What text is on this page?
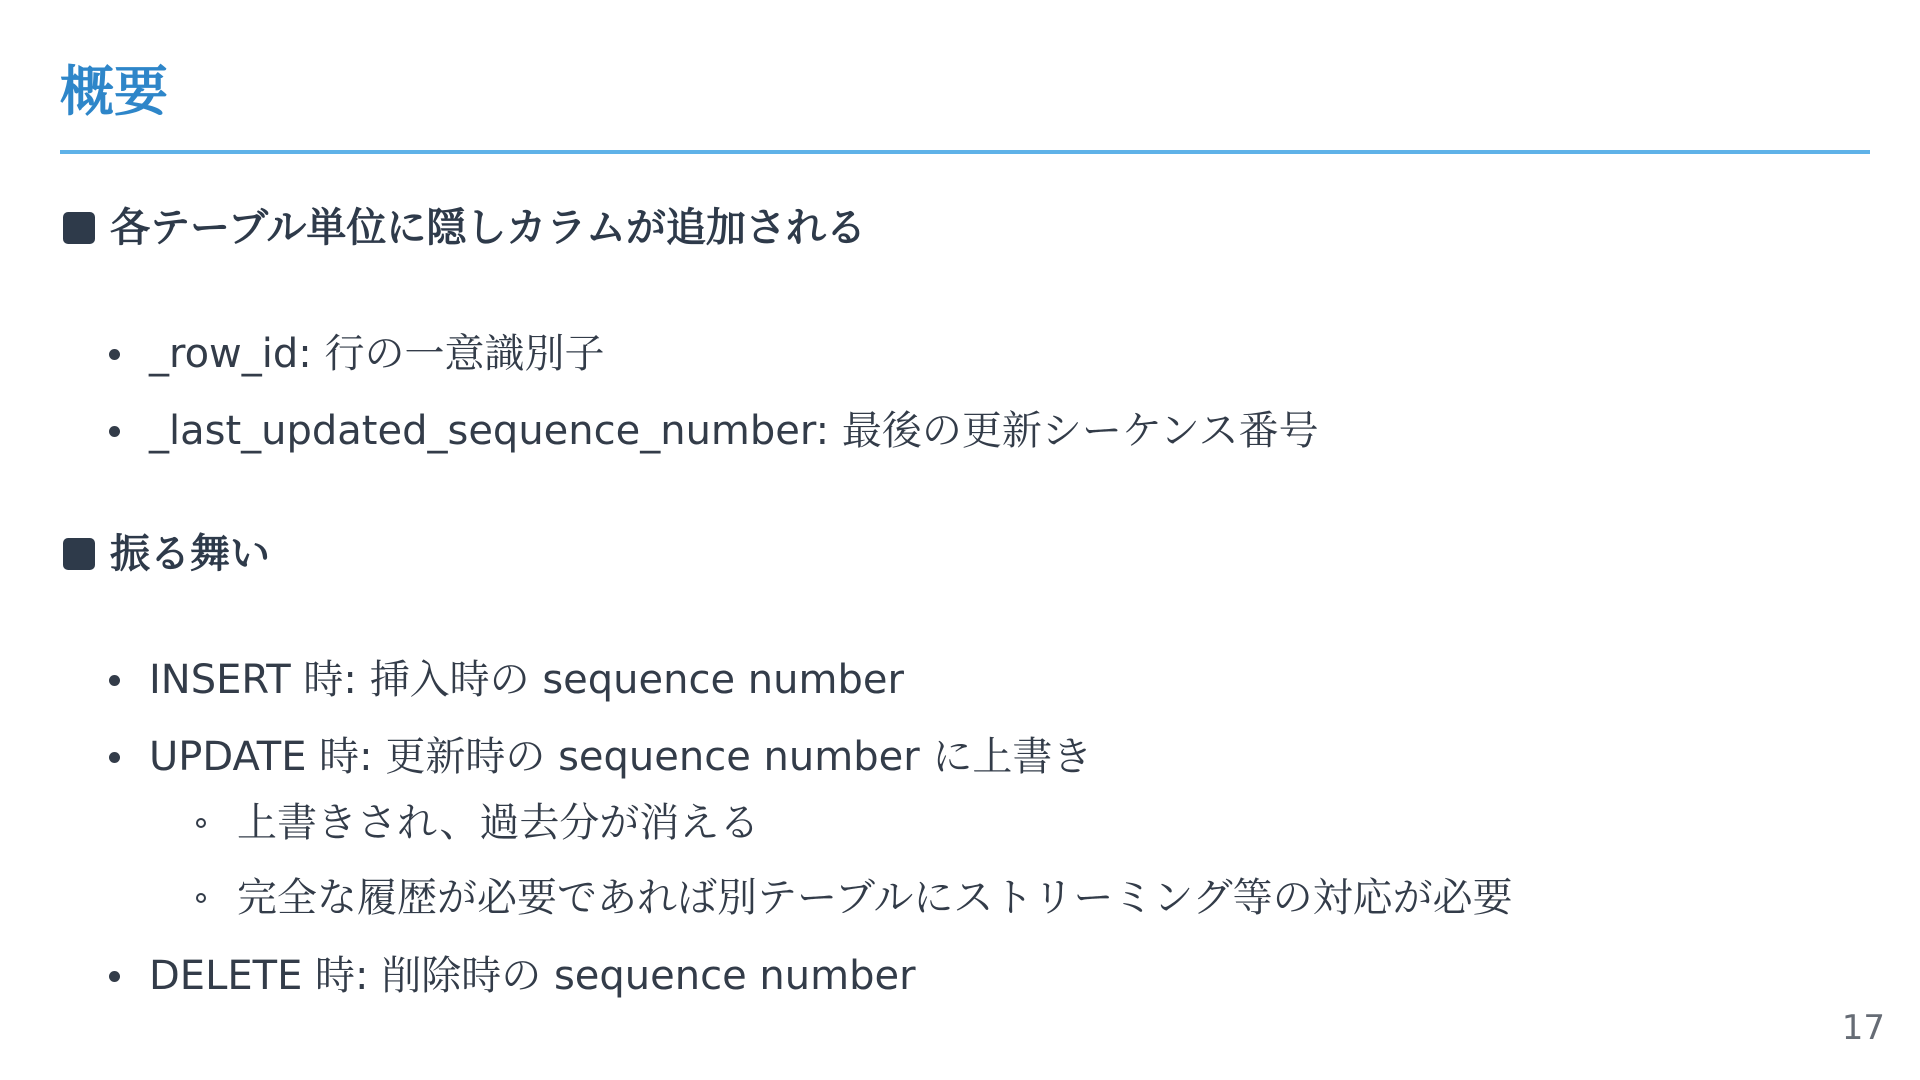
概要
各テーブル単位に隠しカラムが追加される
_row_id: 行の一意識別子
_last_updated_sequence_number: 最後の更新シーケンス番号
振る舞い
INSERT 時: 挿入時の sequence number
UPDATE 時: 更新時の sequence number に上書き
上書きされ、過去分が消える
完全な履歴が必要であれば別テーブルにストリーミング等の対応が必要
DELETE 時: 削除時の sequence number
17
